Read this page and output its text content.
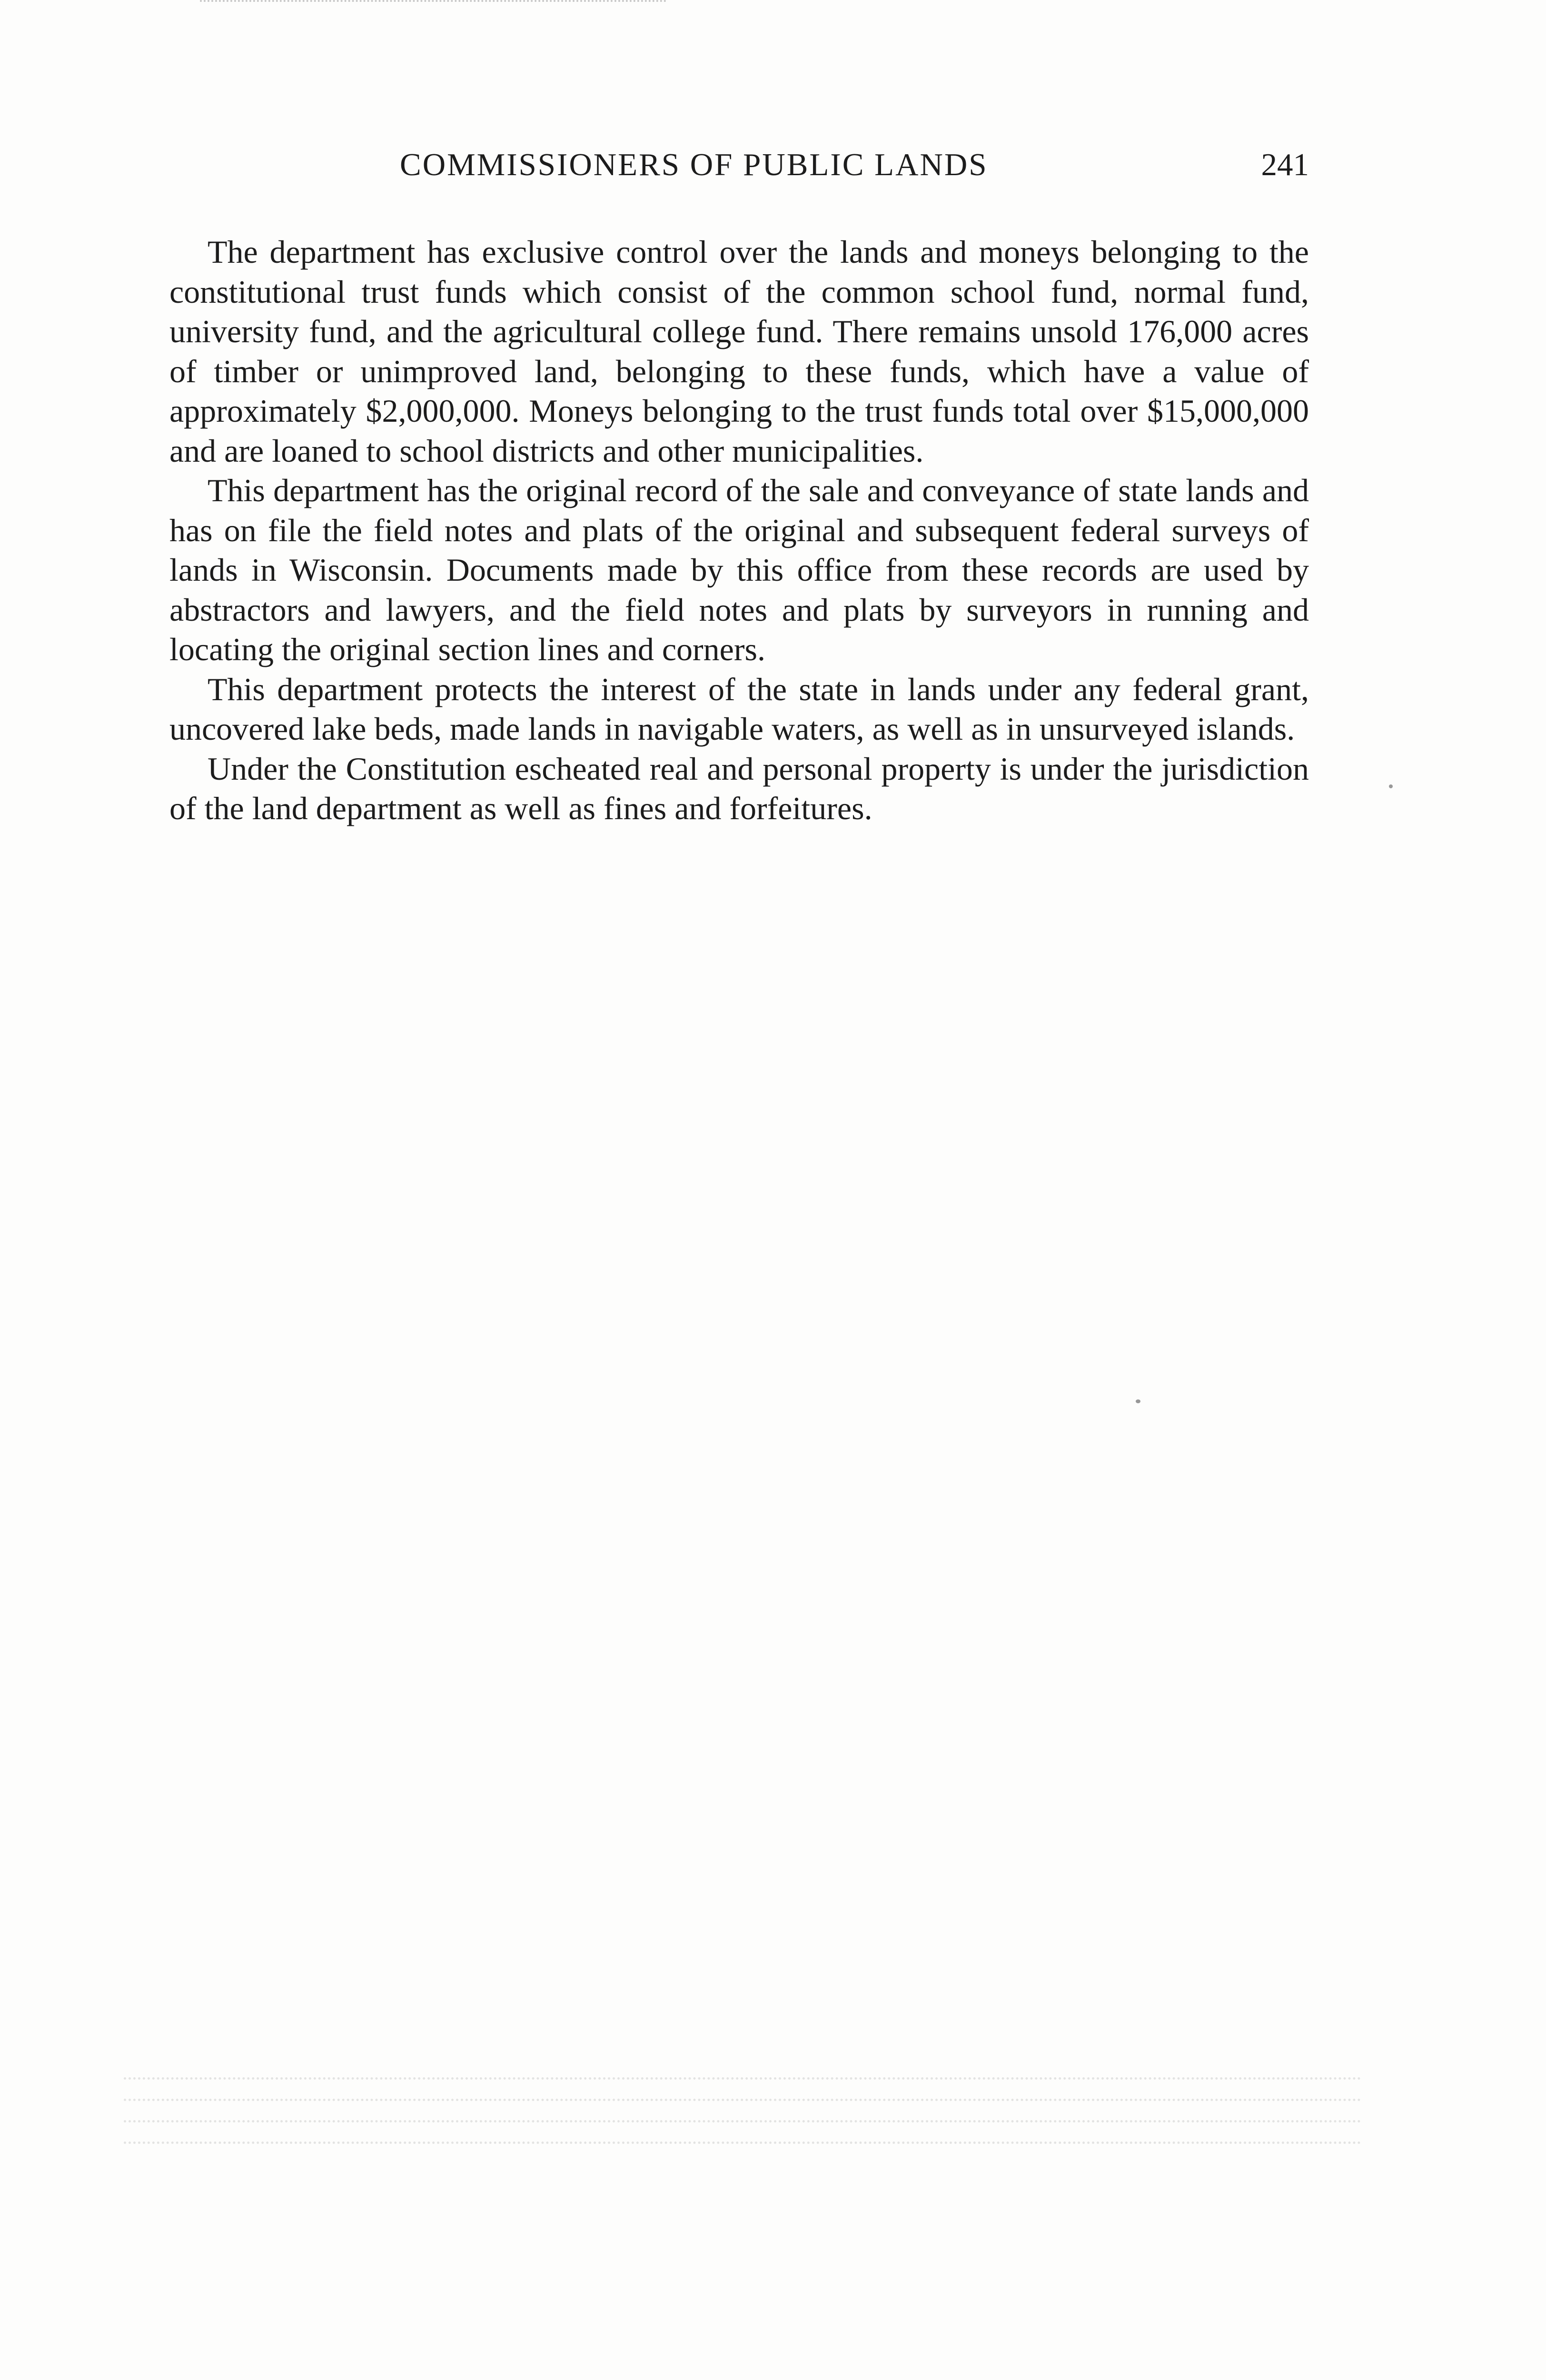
COMMISSIONERS OF PUBLIC LANDS	241

The department has exclusive control over the lands and moneys belonging to the constitutional trust funds which consist of the common school fund, normal fund, university fund, and the agricultural college fund. There remains unsold 176,000 acres of timber or unimproved land, belonging to these funds, which have a value of approximately $2,000,000. Moneys belonging to the trust funds total over $15,000,000 and are loaned to school districts and other municipalities.

This department has the original record of the sale and conveyance of state lands and has on file the field notes and plats of the original and subsequent federal surveys of lands in Wisconsin. Documents made by this office from these records are used by abstractors and lawyers, and the field notes and plats by surveyors in running and locating the original section lines and corners.

This department protects the interest of the state in lands under any federal grant, uncovered lake beds, made lands in navigable waters, as well as in unsurveyed islands.

Under the Constitution escheated real and personal property is under the jurisdiction of the land department as well as fines and forfeitures.
